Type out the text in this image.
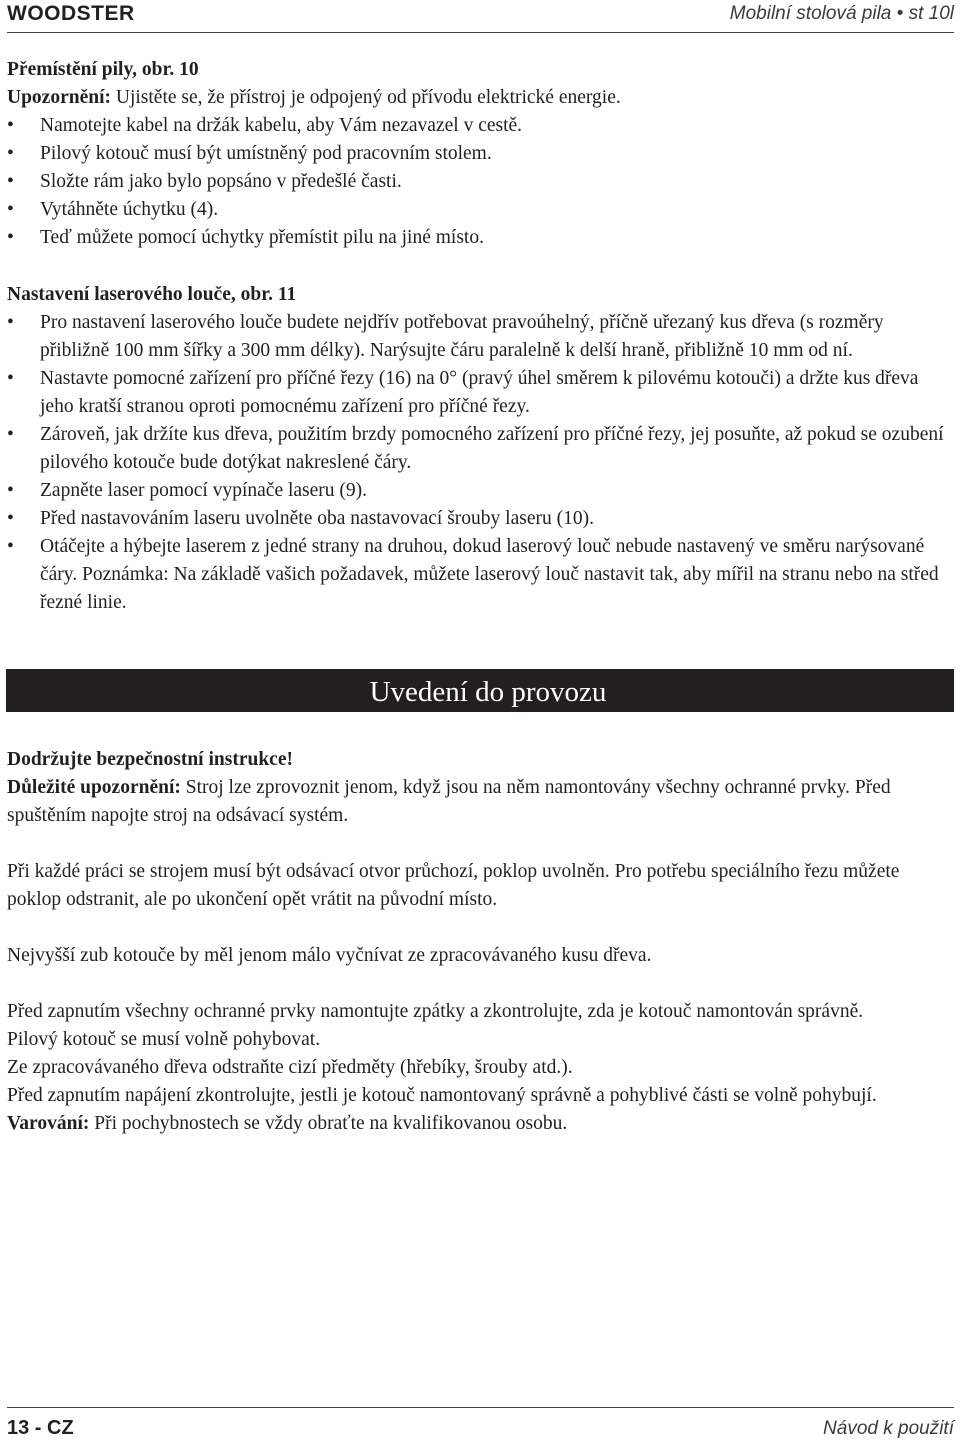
WOODSTER	Mobilní stolová pila • st 10l

Přemístění pily, obr. 10

Upozornění: Ujistěte se, že přístroj je odpojený od přívodu elektrické energie.

• Namotejte kabel na držák kabelu, aby Vám nezavazel v cestě.
• Pilový kotouč musí být umístněný pod pracovním stolem.
• Složte rám jako bylo popsáno v předešlé časti.
• Vytáhněte úchytku (4).
• Teď můžete pomocí úchytky přemístit pilu na jiné místo.

Nastavení laserového louče, obr. 11

• Pro nastavení laserového louče budete nejdřív potřebovat pravoúhelný, příčně uřezaný kus dřeva (s rozměry přibližně 100 mm šířky a 300 mm délky). Narýsujte čáru paralelně k delší hraně, přibližně 10 mm od ní.
• Nastavte pomocné zařízení pro příčné řezy (16) na 0° (pravý úhel směrem k pilovému kotouči) a držte kus dřeva jeho kratší stranou oproti pomocnému zařízení pro příčné řezy.
• Zároveň, jak držíte kus dřeva, použitím brzdy pomocného zařízení pro příčné řezy, jej posuňte, až pokud se ozubení pilového kotouče bude dotýkat nakreslené čáry.
• Zapněte laser pomocí vypínače laseru (9).
• Před nastavováním laseru uvolněte oba nastavovací šrouby laseru (10).
• Otáčejte a hýbejte laserem z jedné strany na druhou, dokud laserový louč nebude nastavený ve směru narýsované čáry. Poznámka: Na základě vašich požadavek, můžete laserový louč nastavit tak, aby mířil na stranu nebo na střed řezné linie.
Uvedení do provozu

Dodržujte bezpečnostní instrukce!

Důležité upozornění: Stroj lze zprovoznit jenom, když jsou na něm namontovány všechny ochranné prvky. Před spuštěním napojte stroj na odsávací systém.

Při každé práci se strojem musí být odsávací otvor průchozí, poklop uvolněn. Pro potřebu speciálního řezu můžete poklop odstranit, ale po ukončení opět vrátit na původní místo.

Nejvyšší zub kotouče by měl jenom málo vyčnívat ze zpracovávaného kusu dřeva.

Před zapnutím všechny ochranné prvky namontujte zpátky a zkontrolujte, zda je kotouč namontován správně.

Pilový kotouč se musí volně pohybovat.

Ze zpracovávaného dřeva odstraňte cizí předměty (hřebíky, šrouby atd.).

Před zapnutím napájení zkontrolujte, jestli je kotouč namontovaný správně a pohyblivé části se volně pohybují.

Varování: Při pochybnostech se vždy obraťte na kvalifikovanou osobu.

13 - CZ	Návod k použití
